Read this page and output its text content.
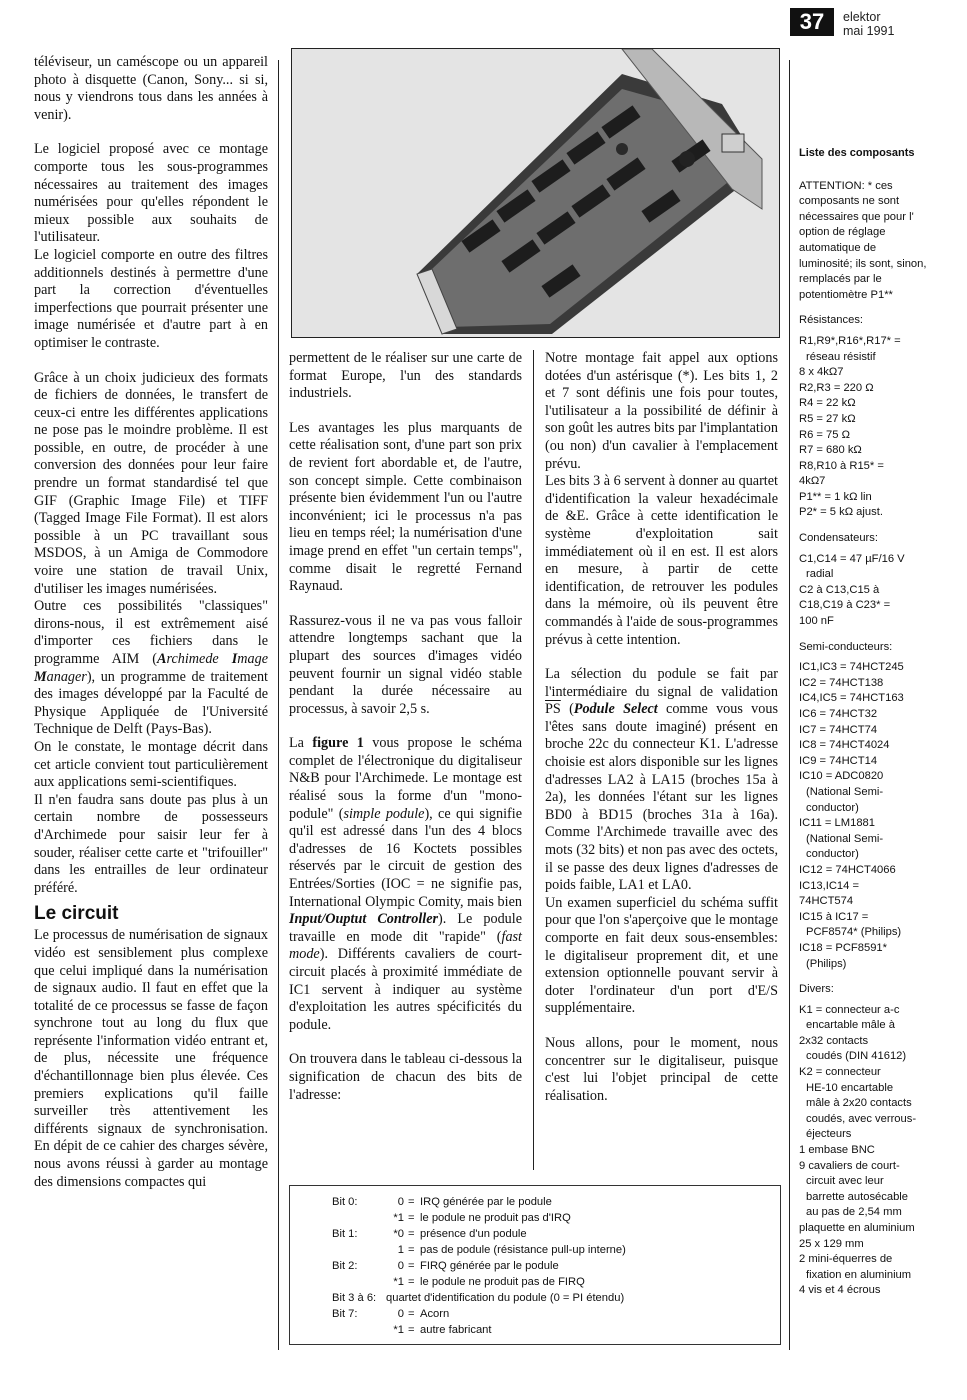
37	elektor
mai 1991

téléviseur, un caméscope ou un appareil photo à disquette (Canon, Sony... si si, nous y viendrons tous dans les années à venir).

Le logiciel proposé avec ce montage comporte tous les sous-programmes nécessaires au traitement des images numérisées pour qu'elles répondent le mieux possible aux souhaits de l'utilisateur.

Le logiciel comporte en outre des filtres additionnels destinés à permettre d'une part la correction d'éventuelles imperfections que pourrait présenter une image numérisée et d'autre part à en optimiser le contraste.

Grâce à un choix judicieux des formats de fichiers de données, le transfert de ceux-ci entre les différentes applications ne pose pas le moindre problème. Il est possible, en outre, de procéder à une conversion des données pour leur faire prendre un format standardisé tel que GIF (Graphic Image File) et TIFF (Tagged Image File Format). Il est alors possible à un PC travaillant sous MSDOS, à un Amiga de Commodore voire une station de travail Unix, d'utiliser les images numérisées.

Outre ces possibilités "classiques" dirons-nous, il est extrêmement aisé d'importer ces fichiers dans le programme AIM (Archimede Image Manager), un programme de traitement des images développé par la Faculté de Physique Appliquée de l'Université Technique de Delft (Pays-Bas).

On le constate, le montage décrit dans cet article convient tout particulièrement aux applications semi-scientifiques.

Il n'en faudra sans doute pas plus à un certain nombre de possesseurs d'Archimede pour saisir leur fer à souder, réaliser cette carte et "trifouiller" dans les entrailles de leur ordinateur préféré.

Le circuit

Le processus de numérisation de signaux vidéo est sensiblement plus complexe que celui impliqué dans la numérisation de signaux audio. Il faut en effet que la totalité de ce processus se fasse de façon synchrone tout au long du flux que représente l'information vidéo entrant et, de plus, nécessite une fréquence d'échantillonnage bien plus élevée. Ces premiers explications qu'il faille surveiller très attentivement les différents signaux de synchronisation. En dépit de ce cahier des charges sévère, nous avons réussi à garder au montage des dimensions compactes qui

permettent de le réaliser sur une carte de format Europe, l'un des standards industriels.

Les avantages les plus marquants de cette réalisation sont, d'une part son prix de revient fort abordable et, de l'autre, son concept simple. Cette combinaison présente bien évidemment l'un ou l'autre inconvénient; ici le processus n'a pas lieu en temps réel; la numérisation d'une image prend en effet "un certain temps", comme disait le regretté Fernand Raynaud.

Rassurez-vous il ne va pas vous falloir attendre longtemps sachant que la plupart des sources d'images vidéo peuvent fournir un signal vidéo stable pendant la durée nécessaire au processus, à savoir 2,5 s.

La figure 1 vous propose le schéma complet de l'électronique du digitaliseur N&B pour l'Archimede. Le montage est réalisé sous la forme d'un "mono-podule" (simple podule), ce qui signifie qu'il est adressé dans l'un des 4 blocs d'adresses de 16 Koctets possibles réservés par le circuit de gestion des Entrées/Sorties (IOC = ne signifie pas, International Olympic Comity, mais bien Input/Ouptut Controller). Le podule travaille en mode dit "rapide" (fast mode). Différents cavaliers de court-circuit placés à proximité immédiate de IC1 servent à indiquer au système d'exploitation les autres spécificités du podule.

On trouvera dans le tableau ci-dessous la signification de chacun des bits de l'adresse:

Notre montage fait appel aux options dotées d'un astérisque (*). Les bits 1, 2 et 7 sont définis une fois pour toutes, l'utilisateur a la possibilité de définir à son goût les autres bits par l'implantation (ou non) d'un cavalier à l'emplacement prévu.

Les bits 3 à 6 servent à donner au quartet d'identification la valeur hexadécimale de &E. Grâce à cette identification le système d'exploitation sait immédiatement où il en est. Il est alors en mesure, à partir de cette identification, de retrouver les podules dans la mémoire, où ils peuvent être commandés à l'aide de sous-programmes prévus à cette intention.

La sélection du podule se fait par l'intermédiaire du signal de validation $\overline{PS}$ (Podule Select comme vous vous l'êtes sans doute imaginé) présent en broche 22c du connecteur K1. L'adresse choisie est alors disponible sur les lignes d'adresses LA2 à LA15 (broches 15a à 2a), les données l'étant sur les lignes BD0 à BD15 (broches 31a à 16a). Comme l'Archimede travaille avec des mots (32 bits) et non pas avec des octets, il se passe des deux lignes d'adresses de poids faible, LA1 et LA0.

Un examen superficiel du schéma suffit pour que l'on s'aperçoive que le montage comporte en fait deux sous-ensembles: le digitaliseur proprement dit, et une extension optionnelle pouvant servir à doter l'ordinateur d'un port d'E/S supplémentaire.

Nous allons, pour le moment, nous concentrer sur le digitaliseur, puisque c'est lui l'objet principal de cette réalisation.

Liste des composants

ATTENTION: * ces composants ne sont nécessaires que pour l' option de réglage automatique de luminosité; ils sont, sinon, remplacés par le potentiomètre P1**

Résistances:

R1,R9*,R16*,R17* =

réseau résistif

8 x 4kΩ7

R2,R3 = 220 Ω

R4 = 22 kΩ

R5 = 27 kΩ

R6 = 75 Ω

R7 = 680 kΩ

R8,R10 à R15* =

4kΩ7

P1** = 1 kΩ lin

P2* = 5 kΩ ajust.

Condensateurs:

C1,C14 = 47 µF/16 V

radial

C2 à C13,C15 à

C18,C19 à C23* =

100 nF

Semi-conducteurs:

IC1,IC3 = 74HCT245

IC2 = 74HCT138

IC4,IC5 = 74HCT163

IC6 = 74HCT32

IC7 = 74HCT74

IC8 = 74HCT4024

IC9 = 74HCT14

IC10 = ADC0820

(National Semi-

conductor)

IC11 = LM1881

(National Semi-

conductor)

IC12 = 74HCT4066

IC13,IC14 =

74HCT574

IC15 à IC17 =

PCF8574* (Philips)

IC18 = PCF8591*

(Philips)

Divers:

K1 = connecteur a-c

encartable mâle à

2x32 contacts

coudés (DIN 41612)

K2 = connecteur

HE-10 encartable

mâle à 2x20 contacts

coudés, avec verrous-

éjecteurs

1 embase BNC

9 cavaliers de court-

circuit avec leur

barrette autosécable

au pas de 2,54 mm

plaquette en aluminium

25 x 129 mm

2 mini-équerres de

fixation en aluminium

4 vis et 4 écrous

Bit 0:	0 = IRQ générée par le podule
*1 = le podule ne produit pas d'IRQ
Bit 1:	*0 = présence d'un podule
1 = pas de podule (résistance pull-up interne)
Bit 2:	0 = FIRQ générée par le podule
*1 = le podule ne produit pas de FIRQ
Bit 3 à 6: quartet d'identification du podule (0 = PI étendu)
Bit 7:	0 = Acorn
*1 = autre fabricant
